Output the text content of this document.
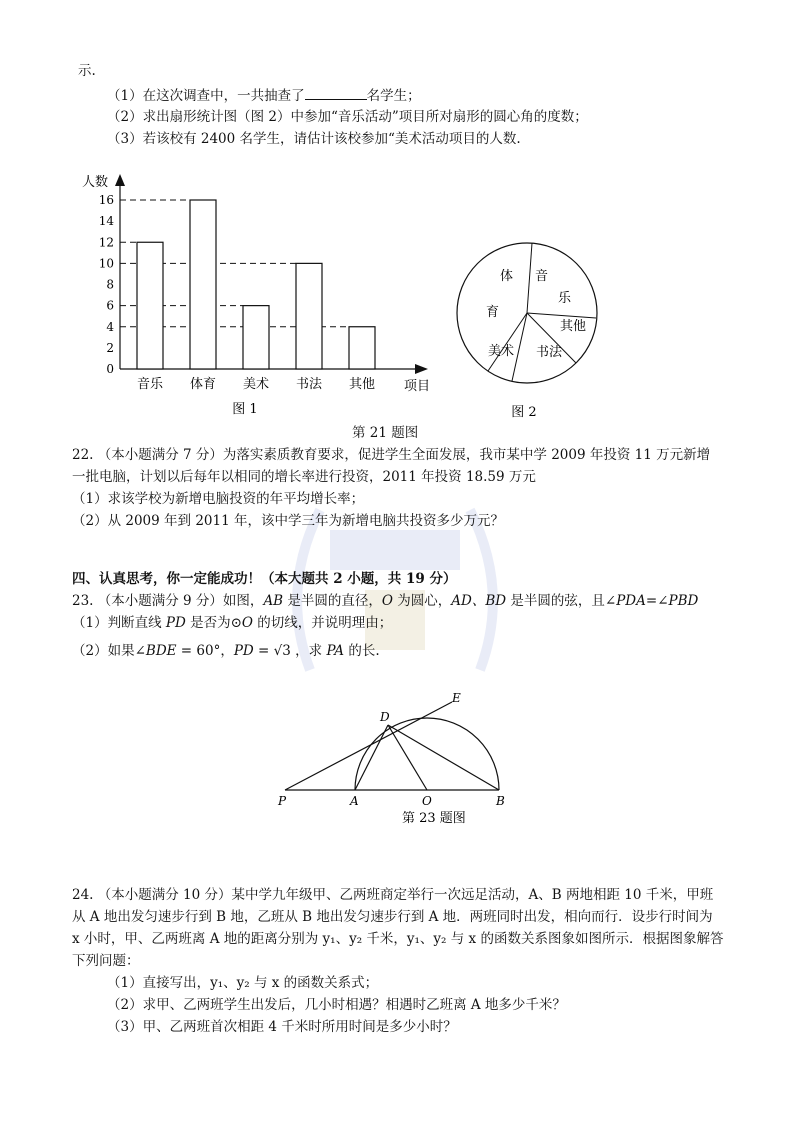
示.
（1）在这次调查中，一共抽查了	名学生；
（2）求出扇形统计图（图 2）中参加“音乐活动”项目所对扇形的圆心角的度数；
（3）若该校有 2400 名学生，请估计该校参加“美术活动项目的人数.
0
2
4
6
8
10
12
14
16
音乐 体育 美术 书法 其他
人数
项目
图 1
体
育
音
乐
其他
美术 书法
图 2
第 21 题图
22. （本小题满分 7 分）为落实素质教育要求，促进学生全面发展，我市某中学 2009 年投资 11 万元新增
一批电脑，计划以后每年以相同的增长率进行投资，2011 年投资 18.59 万元
（1）求该学校为新增电脑投资的年平均增长率；
（2）从 2009 年到 2011 年，该中学三年为新增电脑共投资多少万元？
四、认真思考，你一定能成功！（本大题共 2 小题，共 19 分）
23. （本小题满分 9 分）如图，AB 是半圆的直径，O 为圆心，AD、BD 是半圆的弦，且∠PDA=∠PBD
（1）判断直线 PD 是否为⊙O 的切线，并说明理由；
（2）如果∠BDE = 60°，PD = √3 ，求 PA 的长.
P	A	O	B
D
E
第 23 题图
24. （本小题满分 10 分）某中学九年级甲、乙两班商定举行一次远足活动，A、B 两地相距 10 千米，甲班
从 A 地出发匀速步行到 B 地，乙班从 B 地出发匀速步行到 A 地．两班同时出发，相向而行．设步行时间为
x 小时，甲、乙两班离 A 地的距离分别为 y₁、y₂ 千米，y₁、y₂ 与 x 的函数关系图象如图所示．根据图象解答
下列问题：
（1）直接写出，y₁、y₂ 与 x 的函数关系式；
（2）求甲、乙两班学生出发后，几小时相遇？相遇时乙班离 A 地多少千米？
（3）甲、乙两班首次相距 4 千米时所用时间是多少小时？
